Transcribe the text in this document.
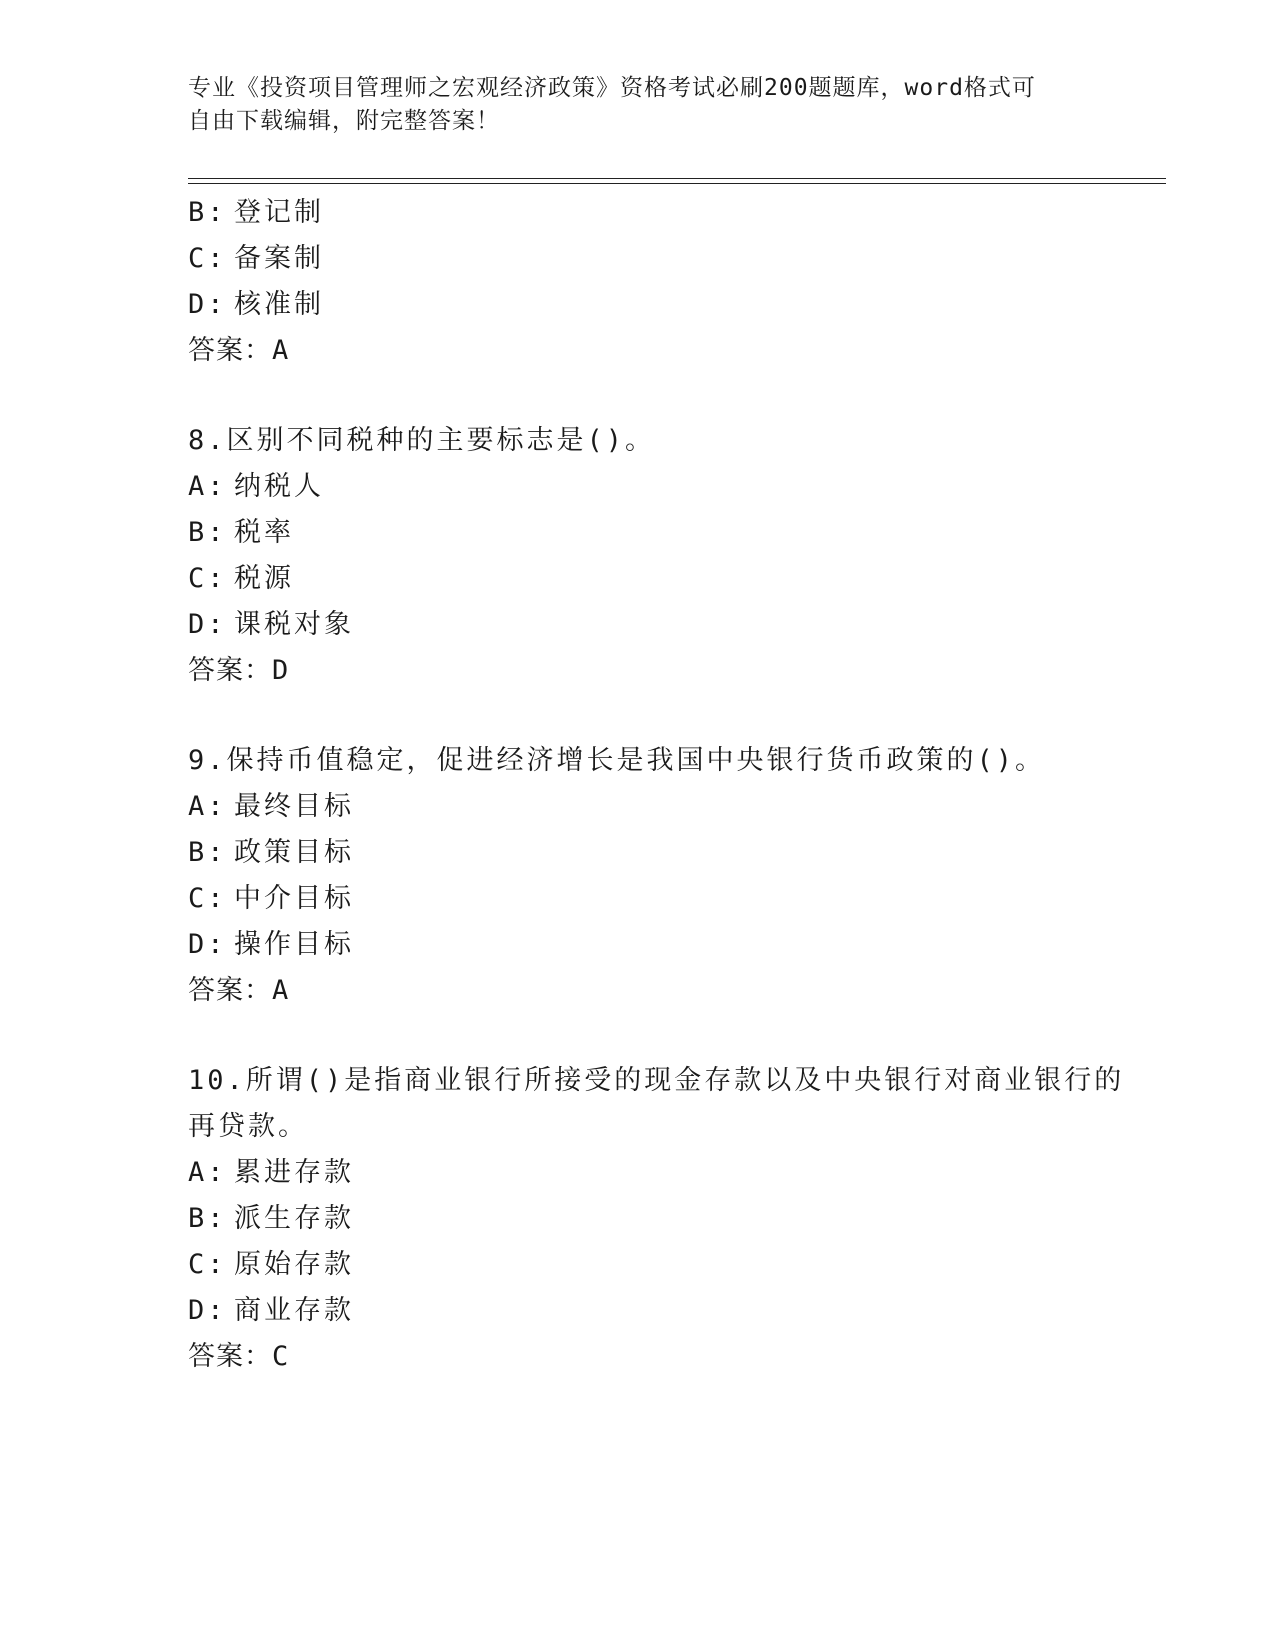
专业《投资项目管理师之宏观经济政策》资格考试必刷200题题库，word格式可
自由下载编辑，附完整答案！
B: 登记制
C: 备案制
D: 核准制
答案：A
8.区别不同税种的主要标志是()。
A: 纳税人
B: 税率
C: 税源
D: 课税对象
答案：D
9.保持币值稳定，促进经济增长是我国中央银行货币政策的()。
A: 最终目标
B: 政策目标
C: 中介目标
D: 操作目标
答案：A
10.所谓()是指商业银行所接受的现金存款以及中央银行对商业银行的
再贷款。
A: 累进存款
B: 派生存款
C: 原始存款
D: 商业存款
答案：C
